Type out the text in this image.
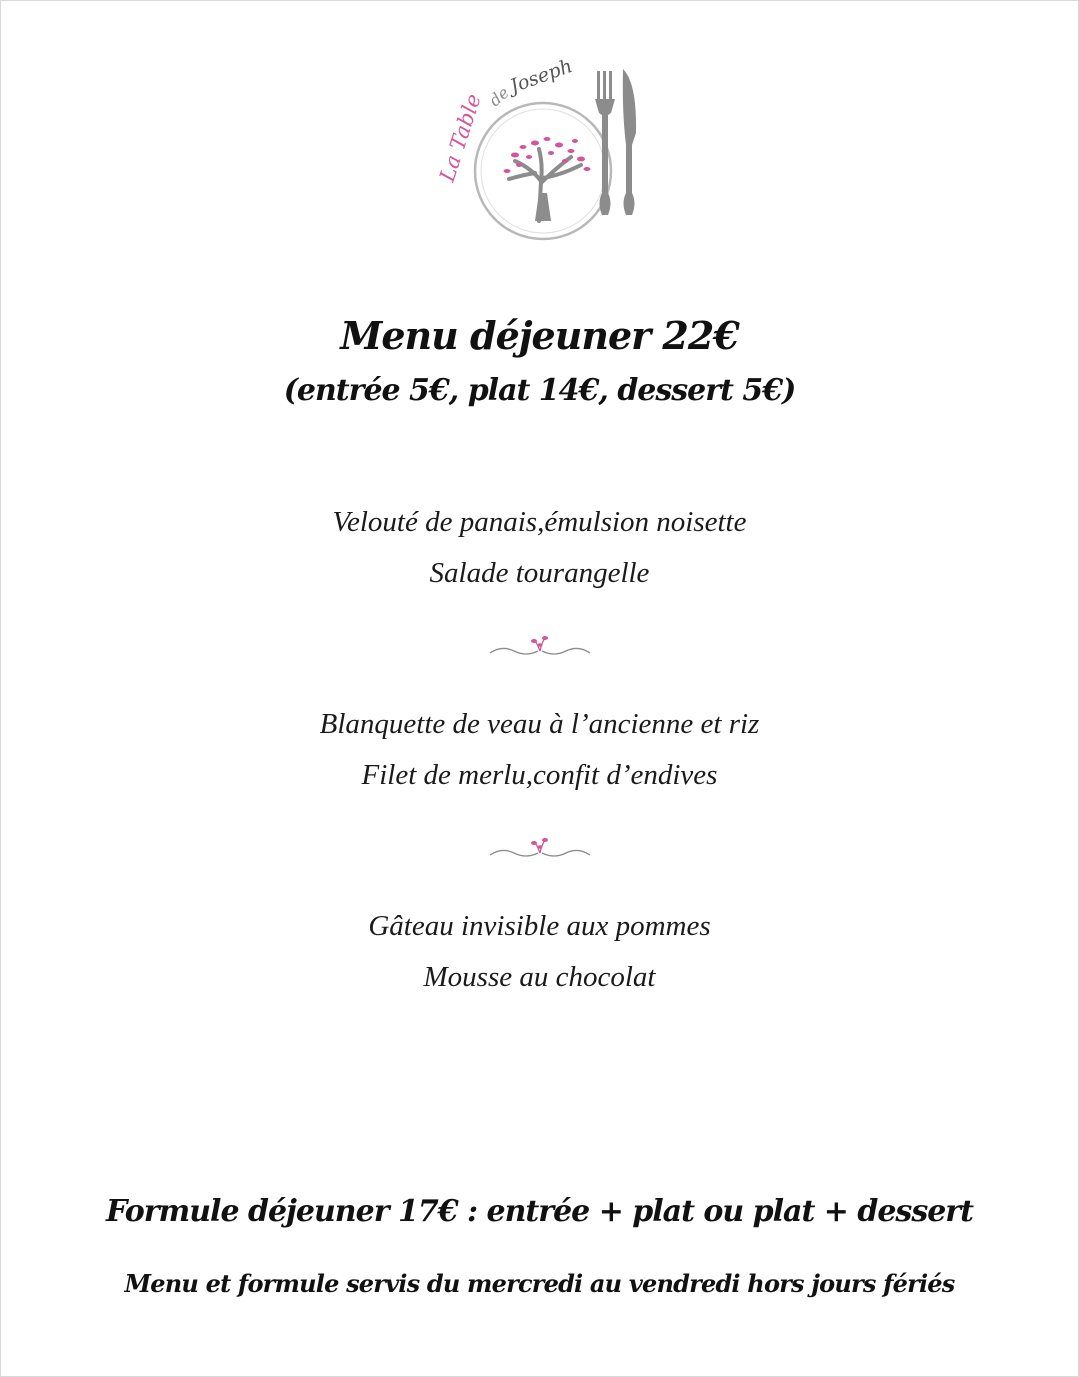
La Table de
Joseph
Menu déjeuner 22€
(entrée 5€, plat 14€, dessert 5€)
Velouté de panais,émulsion noisette
Salade tourangelle
Blanquette de veau à l’ancienne et riz
Filet de merlu,confit d’endives
Gâteau invisible aux pommes
Mousse au chocolat
Formule déjeuner 17€ : entrée + plat ou plat + dessert
Menu et formule servis du mercredi au vendredi hors jours fériés
